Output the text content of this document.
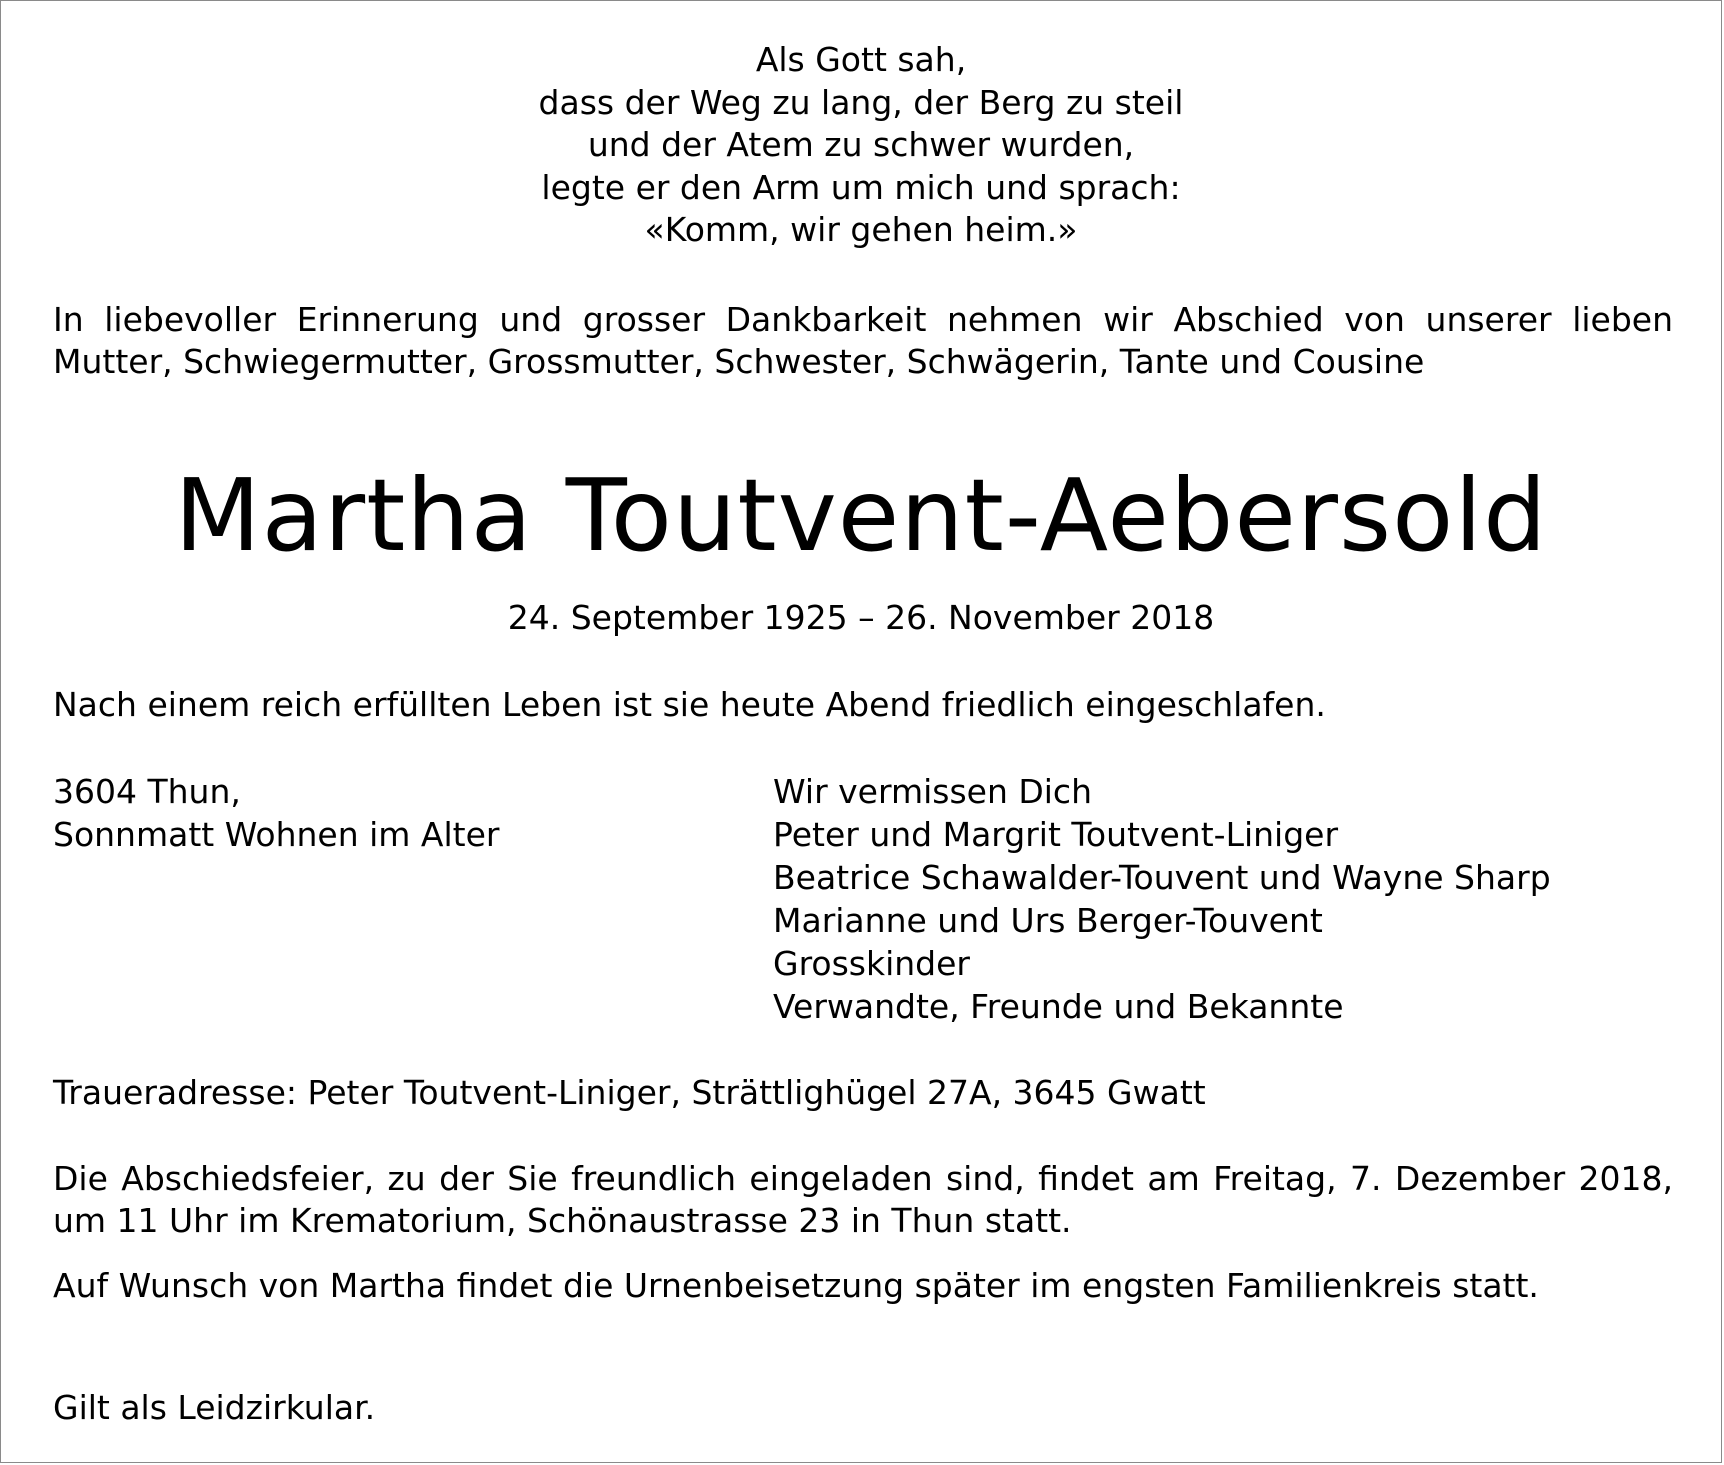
Als Gott sah,
dass der Weg zu lang, der Berg zu steil
und der Atem zu schwer wurden,
legte er den Arm um mich und sprach:
«Komm, wir gehen heim.»
In liebevoller Erinnerung und grosser Dankbarkeit nehmen wir Abschied von unserer lieben Mutter, Schwiegermutter, Grossmutter, Schwester, Schwägerin, Tante und Cousine
Martha Toutvent-Aebersold
24. September 1925 – 26. November 2018
Nach einem reich erfüllten Leben ist sie heute Abend friedlich eingeschlafen.
3604 Thun,
Sonnmatt Wohnen im Alter
Wir vermissen Dich
Peter und Margrit Toutvent-Liniger
Beatrice Schawalder-Touvent und Wayne Sharp
Marianne und Urs Berger-Touvent
Grosskinder
Verwandte, Freunde und Bekannte
Traueradresse: Peter Toutvent-Liniger, Strättlighügel 27A, 3645 Gwatt
Die Abschiedsfeier, zu der Sie freundlich eingeladen sind, findet am Freitag, 7. Dezember 2018, um 11 Uhr im Krematorium, Schönaustrasse 23 in Thun statt.
Auf Wunsch von Martha findet die Urnenbeisetzung später im engsten Familienkreis statt.
Gilt als Leidzirkular.
